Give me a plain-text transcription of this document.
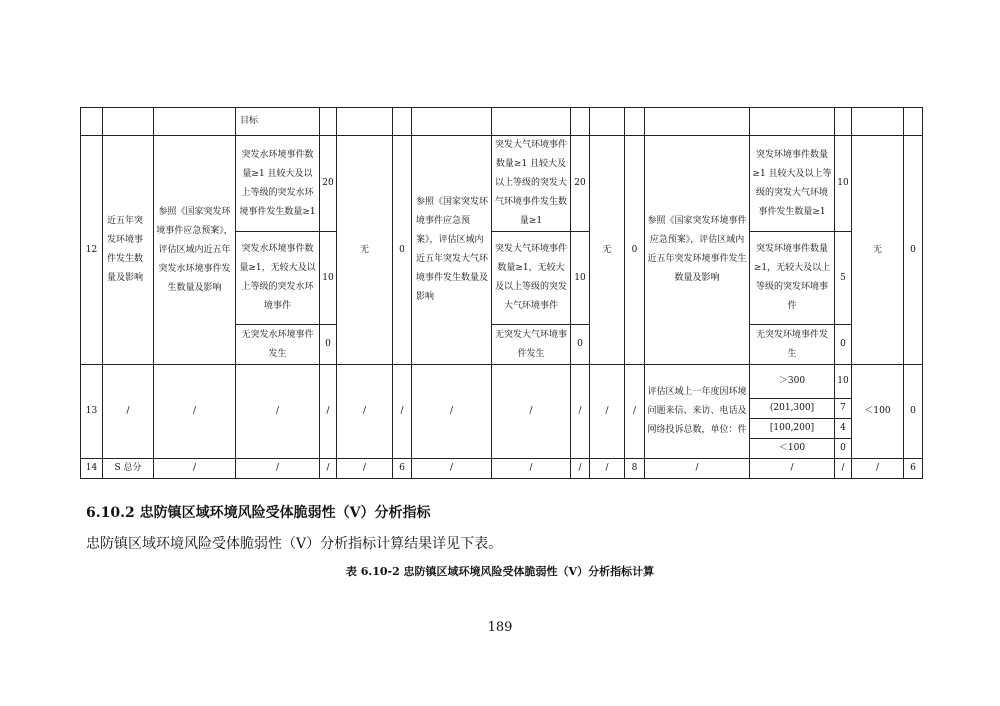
			目标													
12	近五年突发环境事件发生数量及影响	参照《国家突发环境事件应急预案》，评估区域内近五年突发水环境事件发生数量及影响	突发水环境事件数量≥1 且较大及以上等级的突发水环境事件发生数量≥1	20	无	0	参照《国家突发环境事件应急预案》，评估区域内近五年突发大气环境事件发生数量及影响	突发大气环境事件数量≥1 且较大及以上等级的突发大气环境事件发生数量≥1	20	无	0	参照《国家突发环境事件应急预案》，评估区域内近五年突发环境事件发生数量及影响	突发环境事件数量≥1 且较大及以上等级的突发大气环境事件发生数量≥1	10	无	0
			突发水环境事件数量≥1，无较大及以上等级的突发水环境事件	10				突发大气环境事件数量≥1，无较大及以上等级的突发大气环境事件	10				突发环境事件数量≥1，无较大及以上等级的突发环境事件	5		
			无突发水环境事件发生	0				无突发大气环境事件发生	0				无突发环境事件发生	0		
13	/	/	/	/	/	/	/	/	/	/	/	评估区域上一年度因环境问题来信、来访、电话及网络投诉总数，单位：件	＞300	10	＜100	0
													(201,300]	7		
													[100,200]	4		
													＜100	0		
14	S 总分	/	/	/	/	6	/	/	/	/	8	/	/	/	/	6
6.10.2 忠防镇区域环境风险受体脆弱性（V）分析指标
忠防镇区域环境风险受体脆弱性（V）分析指标计算结果详见下表。
表 6.10-2 忠防镇区域环境风险受体脆弱性（V）分析指标计算
189
